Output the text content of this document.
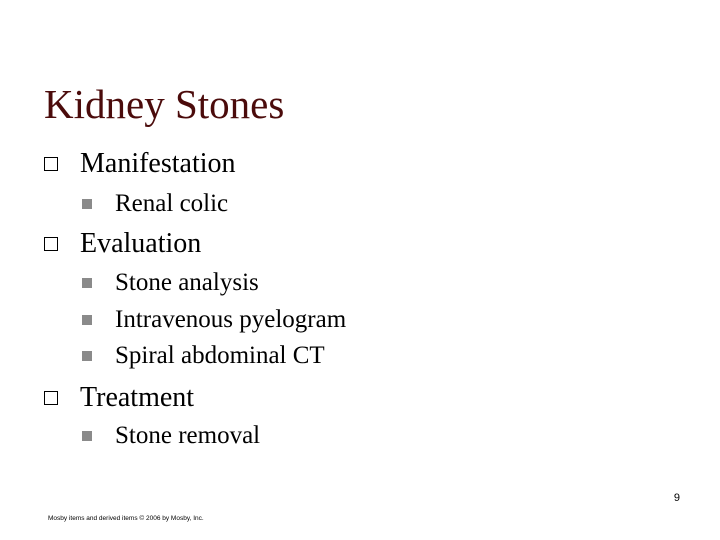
Kidney Stones
Manifestation
Renal colic
Evaluation
Stone analysis
Intravenous pyelogram
Spiral abdominal CT
Treatment
Stone removal
9
Mosby items and derived items © 2006 by Mosby, Inc.
